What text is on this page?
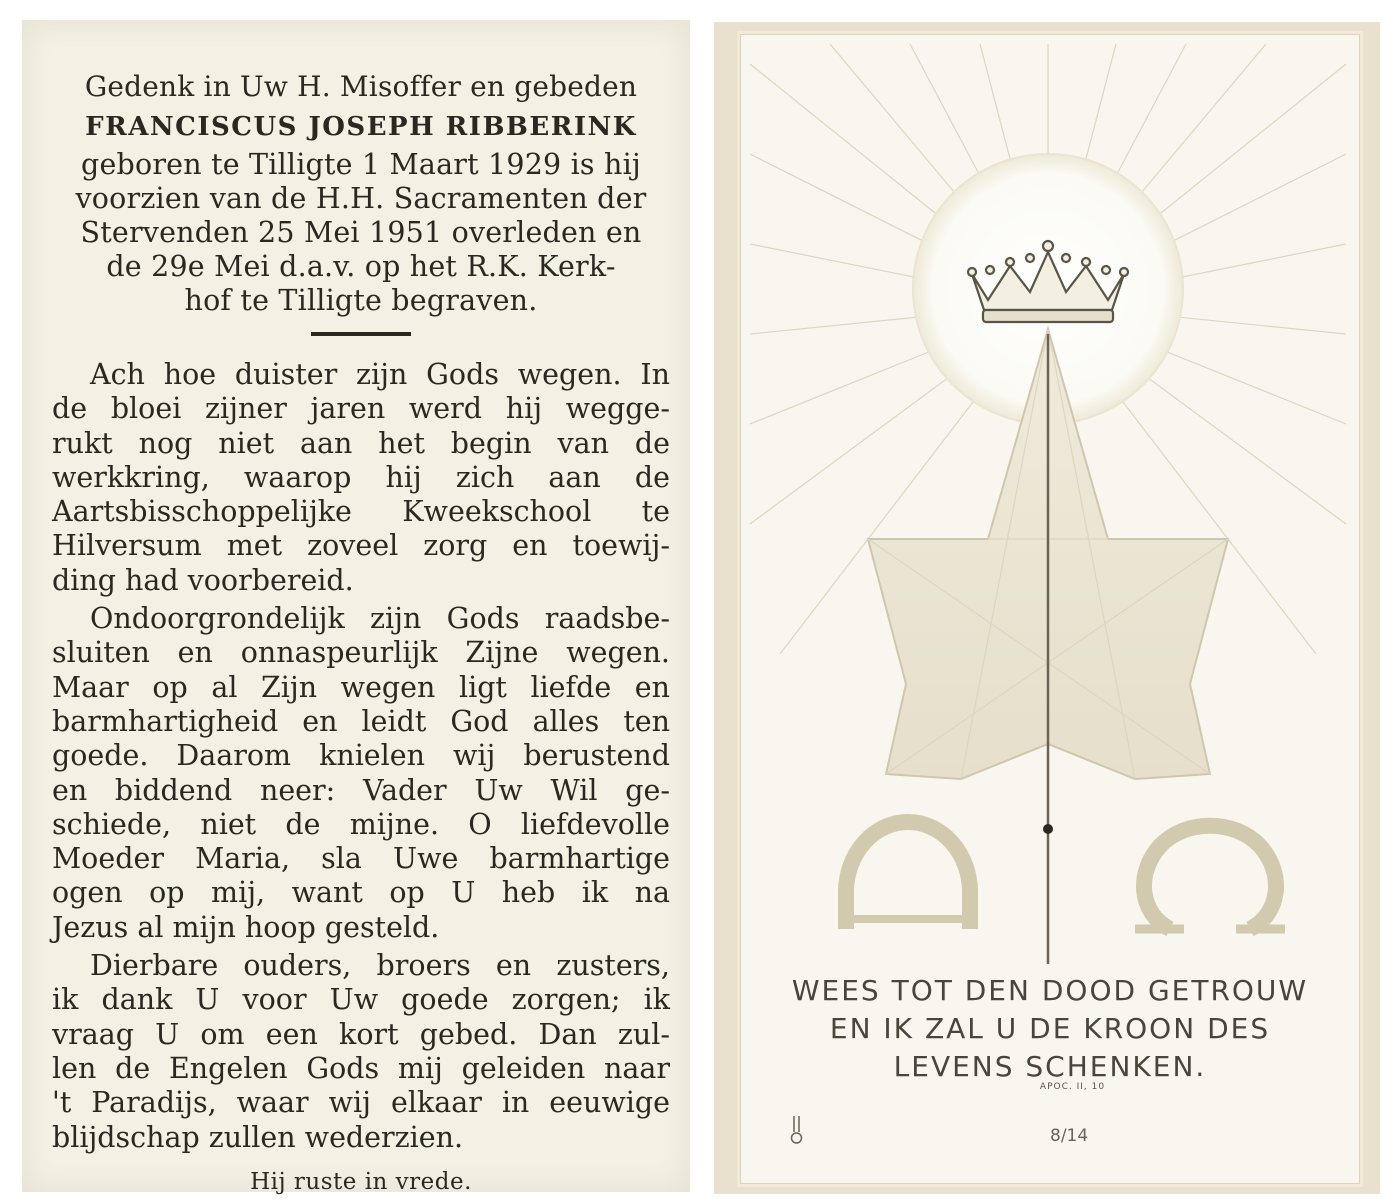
Gedenk in Uw H. Misoffer en gebeden

FRANCISCUS JOSEPH RIBBERINK

geboren te Tilligte 1 Maart 1929 is hij

voorzien van de H.H. Sacramenten der

Stervenden 25 Mei 1951 overleden en

de 29e Mei d.a.v. op het R.K. Kerk-

hof te Tilligte begraven.

Ach hoe duister zijn Gods wegen. In
de bloei zijner jaren werd hij wegge-
rukt nog niet aan het begin van de
werkkring, waarop hij zich aan de
Aartsbisschoppelijke Kweekschool te
Hilversum met zoveel zorg en toewij-
ding had voorbereid.
Ondoorgrondelijk zijn Gods raadsbe-
sluiten en onnaspeurlijk Zijne wegen.
Maar op al Zijn wegen ligt liefde en
barmhartigheid en leidt God alles ten
goede. Daarom knielen wij berustend
en biddend neer: Vader Uw Wil ge-
schiede, niet de mijne. O liefdevolle
Moeder Maria, sla Uwe barmhartige
ogen op mij, want op U heb ik na
Jezus al mijn hoop gesteld.
Dierbare ouders, broers en zusters,
ik dank U voor Uw goede zorgen; ik
vraag U om een kort gebed. Dan zul-
len de Engelen Gods mij geleiden naar
't Paradijs, waar wij elkaar in eeuwige
blijdschap zullen wederzien.

Hij ruste in vrede.

WEES TOT DEN DOOD GETROUW
EN IK ZAL U DE KROON DES
LEVENS SCHENKEN.
APOC. II, 10
8/14
